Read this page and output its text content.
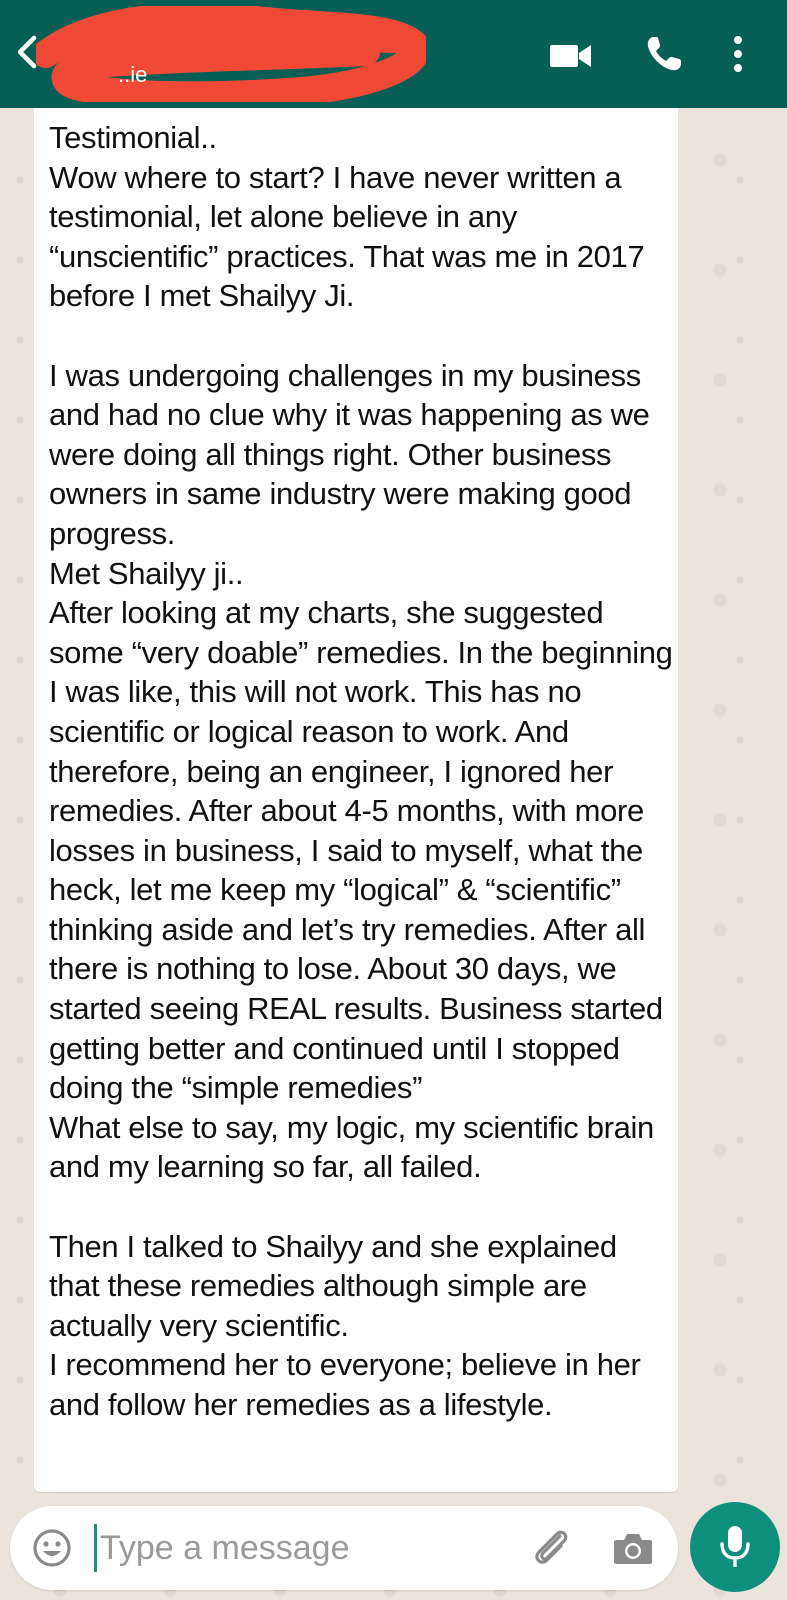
..ie

Testimonial..
Wow where to start? I have never written a testimonial, let alone believe in any “unscientific” practices. That was me in 2017 before I met Shailyy Ji.

I was undergoing challenges in my business and had no clue why it was happening as we were doing all things right. Other business owners in same industry were making good progress.
Met Shailyy ji..
After looking at my charts, she suggested some “very doable” remedies. In the beginning I was like, this will not work. This has no scientific or logical reason to work. And therefore, being an engineer, I ignored her remedies. After about 4-5 months, with more losses in business, I said to myself, what the heck, let me keep my “logical” & “scientific” thinking aside and let’s try remedies. After all there is nothing to lose. About 30 days, we started seeing REAL results. Business started getting better and continued until I stopped doing the “simple remedies”
What else to say, my logic, my scientific brain and my learning so far, all failed.

Then I talked to Shailyy and she explained that these remedies although simple are actually very scientific.
I recommend her to everyone; believe in her and follow her remedies as a lifestyle.

Type a message
